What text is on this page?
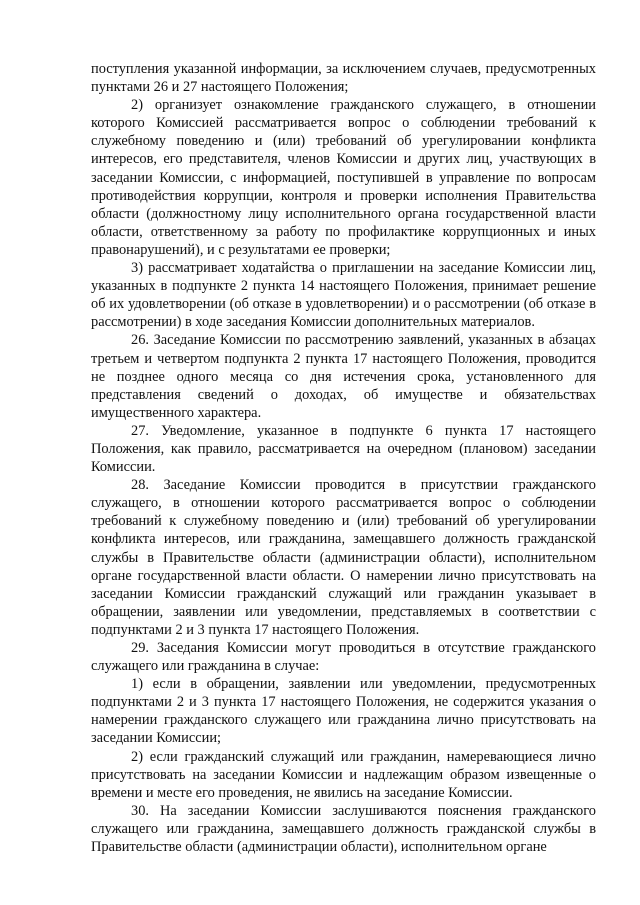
поступления указанной информации, за исключением случаев, предусмотренных пунктами 26 и 27 настоящего Положения;

2) организует ознакомление гражданского служащего, в отношении которого Комиссией рассматривается вопрос о соблюдении требований к служебному поведению и (или) требований об урегулировании конфликта интересов, его представителя, членов Комиссии и других лиц, участвующих в заседании Комиссии, с информацией, поступившей в управление по вопросам противодействия коррупции, контроля и проверки исполнения Правительства области (должностному лицу исполнительного органа государственной власти области, ответственному за работу по профилактике коррупционных и иных правонарушений), и с результатами ее проверки;

3) рассматривает ходатайства о приглашении на заседание Комиссии лиц, указанных в подпункте 2 пункта 14 настоящего Положения, принимает решение об их удовлетворении (об отказе в удовлетворении) и о рассмотрении (об отказе в рассмотрении) в ходе заседания Комиссии дополнительных материалов.

26. Заседание Комиссии по рассмотрению заявлений, указанных в абзацах третьем и четвертом подпункта 2 пункта 17 настоящего Положения, проводится не позднее одного месяца со дня истечения срока, установленного для представления сведений о доходах, об имуществе и обязательствах имущественного характера.

27. Уведомление, указанное в подпункте 6 пункта 17 настоящего Положения, как правило, рассматривается на очередном (плановом) заседании Комиссии.

28. Заседание Комиссии проводится в присутствии гражданского служащего, в отношении которого рассматривается вопрос о соблюдении требований к служебному поведению и (или) требований об урегулировании конфликта интересов, или гражданина, замещавшего должность гражданской службы в Правительстве области (администрации области), исполнительном органе государственной власти области. О намерении лично присутствовать на заседании Комиссии гражданский служащий или гражданин указывает в обращении, заявлении или уведомлении, представляемых в соответствии с подпунктами 2 и 3 пункта 17 настоящего Положения.

29. Заседания Комиссии могут проводиться в отсутствие гражданского служащего или гражданина в случае:

1) если в обращении, заявлении или уведомлении, предусмотренных подпунктами 2 и 3 пункта 17 настоящего Положения, не содержится указания о намерении гражданского служащего или гражданина лично присутствовать на заседании Комиссии;

2) если гражданский служащий или гражданин, намеревающиеся лично присутствовать на заседании Комиссии и надлежащим образом извещенные о времени и месте его проведения, не явились на заседание Комиссии.

30. На заседании Комиссии заслушиваются пояснения гражданского служащего или гражданина, замещавшего должность гражданской службы в Правительстве области (администрации области), исполнительном органе
